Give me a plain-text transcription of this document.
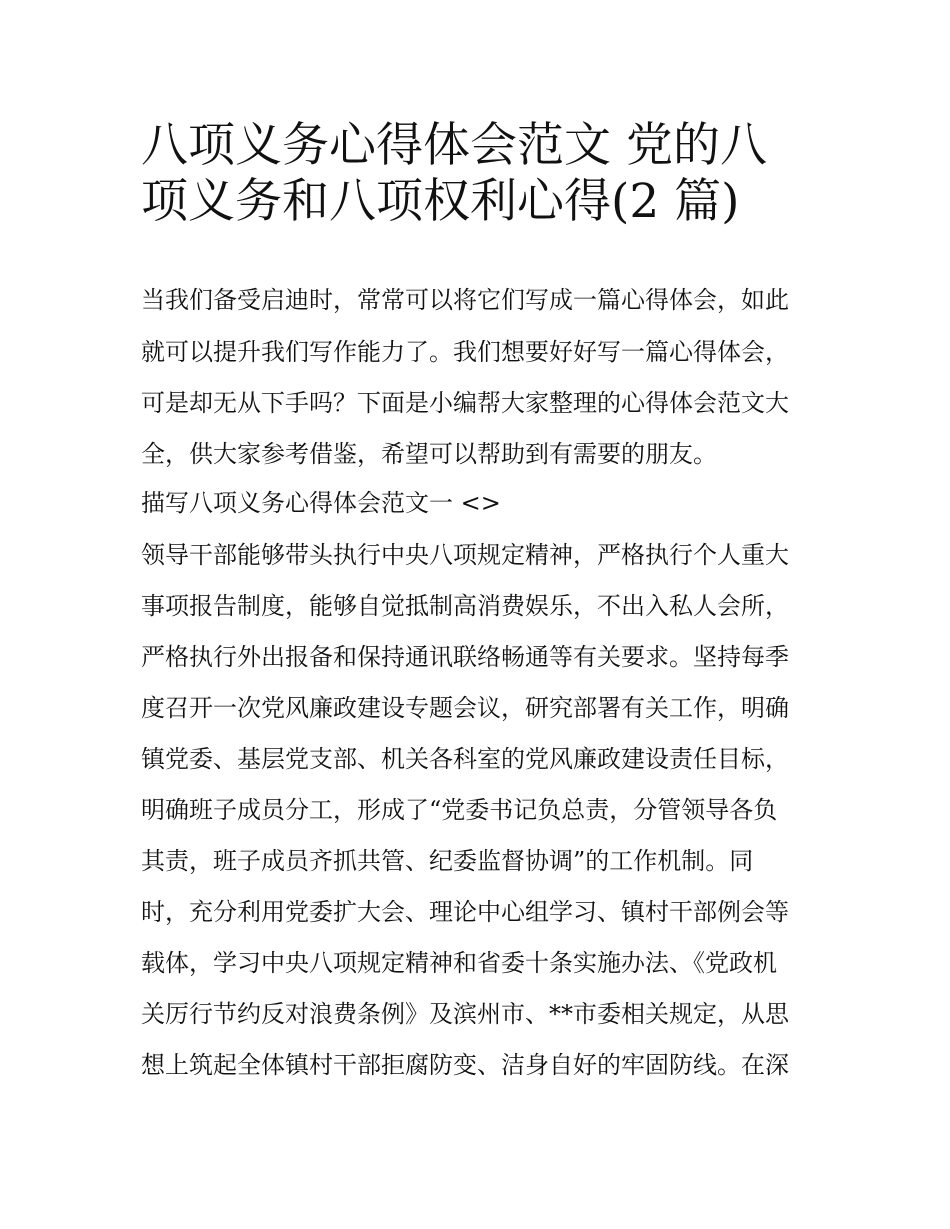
八项义务心得体会范文 党的八
项义务和八项权利心得(2 篇)
当我们备受启迪时，常常可以将它们写成一篇心得体会，如此
就可以提升我们写作能力了。我们想要好好写一篇心得体会，
可是却无从下手吗？下面是小编帮大家整理的心得体会范文大
全，供大家参考借鉴，希望可以帮助到有需要的朋友。
描写八项义务心得体会范文一 <>
领导干部能够带头执行中央八项规定精神，严格执行个人重大
事项报告制度，能够自觉抵制高消费娱乐，不出入私人会所，
严格执行外出报备和保持通讯联络畅通等有关要求。坚持每季
度召开一次党风廉政建设专题会议，研究部署有关工作，明确
镇党委、基层党支部、机关各科室的党风廉政建设责任目标，
明确班子成员分工，形成了“党委书记负总责，分管领导各负
其责，班子成员齐抓共管、纪委监督协调”的工作机制。同
时，充分利用党委扩大会、理论中心组学习、镇村干部例会等
载体，学习中央八项规定精神和省委十条实施办法、《党政机
关厉行节约反对浪费条例》及滨州市、**市委相关规定，从思
想上筑起全体镇村干部拒腐防变、洁身自好的牢固防线。在深
